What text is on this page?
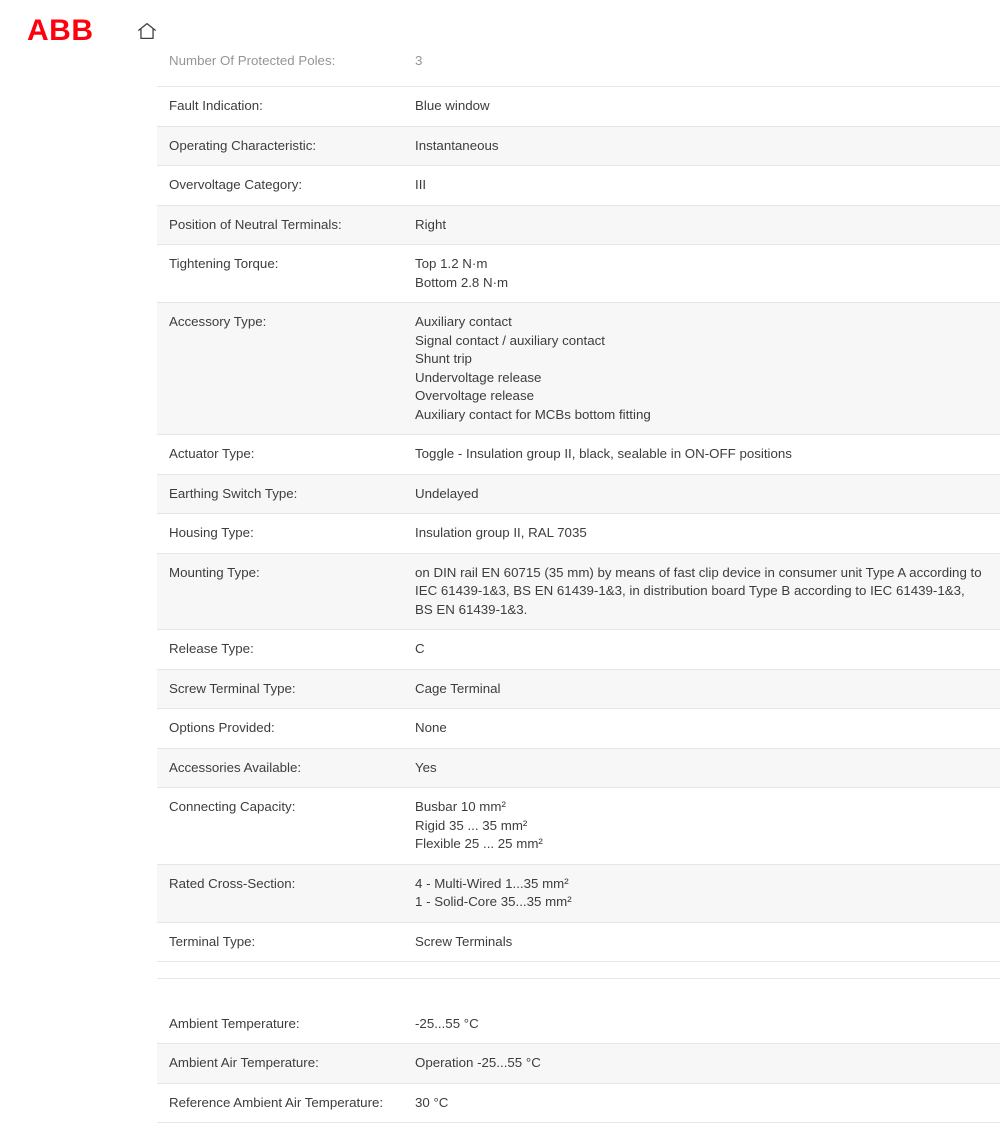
ABB
Number Of Protected Poles:	3

Fault Indication:	Blue window

Operating Characteristic:	Instantaneous

Overvoltage Category:	III

Position of Neutral Terminals:	Right

Tightening Torque:	Top 1.2 N·m
Bottom 2.8 N·m

Accessory Type:	Auxiliary contact
Signal contact / auxiliary contact
Shunt trip
Undervoltage release
Overvoltage release
Auxiliary contact for MCBs bottom fitting

Actuator Type:	Toggle - Insulation group II, black, sealable in ON-OFF positions

Earthing Switch Type:	Undelayed

Housing Type:	Insulation group II, RAL 7035

Mounting Type:	on DIN rail EN 60715 (35 mm) by means of fast clip device in consumer unit Type A according to IEC 61439-1&3, BS EN 61439-1&3, in distribution board Type B according to IEC 61439-1&3, BS EN 61439-1&3.

Release Type:	C

Screw Terminal Type:	Cage Terminal

Options Provided:	None

Accessories Available:	Yes

Connecting Capacity:	Busbar 10 mm²
Rigid 35 ... 35 mm²
Flexible 25 ... 25 mm²

Rated Cross-Section:	4 - Multi-Wired 1...35 mm²
1 - Solid-Core 35...35 mm²

Terminal Type:	Screw Terminals

Ambient Temperature:	-25...55 °C

Ambient Air Temperature:	Operation -25...55 °C

Reference Ambient Air Temperature:	30 °C
